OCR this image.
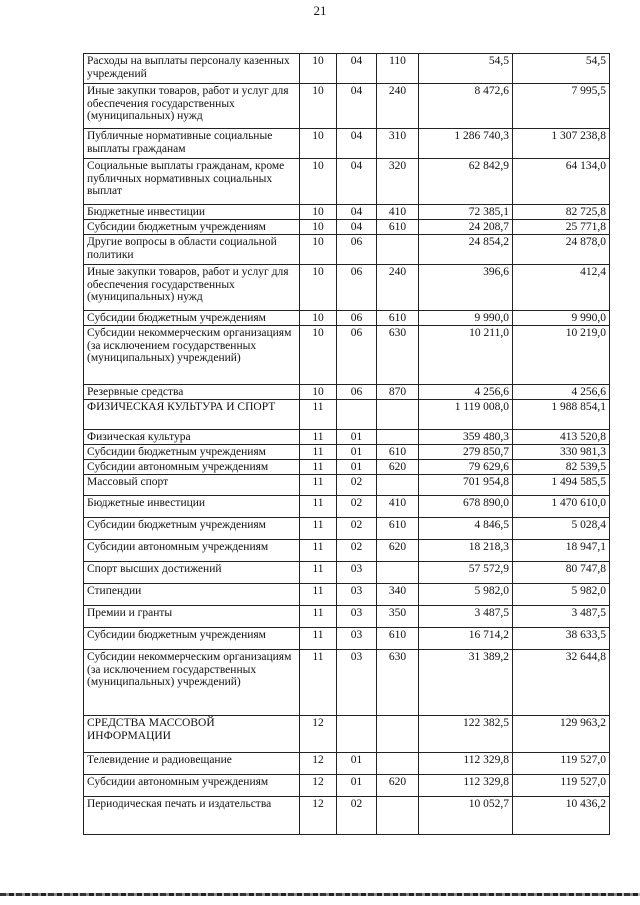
21
Расходы на выплаты персоналу казенных учреждений	10	04	110	54,5	54,5
Иные закупки товаров, работ и услуг для обеспечения государственных (муниципальных) нужд	10	04	240	8 472,6	7 995,5
Публичные нормативные социальные выплаты гражданам	10	04	310	1 286 740,3	1 307 238,8
Социальные выплаты гражданам, кроме публичных нормативных социальных выплат	10	04	320	62 842,9	64 134,0
Бюджетные инвестиции	10	04	410	72 385,1	82 725,8
Субсидии бюджетным учреждениям	10	04	610	24 208,7	25 771,8
Другие вопросы в области социальной политики	10	06		24 854,2	24 878,0
Иные закупки товаров, работ и услуг для обеспечения государственных (муниципальных) нужд	10	06	240	396,6	412,4
Субсидии бюджетным учреждениям	10	06	610	9 990,0	9 990,0
Субсидии некоммерческим организациям (за исключением государственных (муниципальных) учреждений)	10	06	630	10 211,0	10 219,0
Резервные средства	10	06	870	4 256,6	4 256,6
ФИЗИЧЕСКАЯ КУЛЬТУРА И СПОРТ	11			1 119 008,0	1 988 854,1
Физическая культура	11	01		359 480,3	413 520,8
Субсидии бюджетным учреждениям	11	01	610	279 850,7	330 981,3
Субсидии автономным учреждениям	11	01	620	79 629,6	82 539,5
Массовый спорт	11	02		701 954,8	1 494 585,5
Бюджетные инвестиции	11	02	410	678 890,0	1 470 610,0
Субсидии бюджетным учреждениям	11	02	610	4 846,5	5 028,4
Субсидии автономным учреждениям	11	02	620	18 218,3	18 947,1
Спорт высших достижений	11	03		57 572,9	80 747,8
Стипендии	11	03	340	5 982,0	5 982,0
Премии и гранты	11	03	350	3 487,5	3 487,5
Субсидии бюджетным учреждениям	11	03	610	16 714,2	38 633,5
Субсидии некоммерческим организациям (за исключением государственных (муниципальных) учреждений)	11	03	630	31 389,2	32 644,8
СРЕДСТВА МАССОВОЙ ИНФОРМАЦИИ	12			122 382,5	129 963,2
Телевидение и радиовещание	12	01		112 329,8	119 527,0
Субсидии автономным учреждениям	12	01	620	112 329,8	119 527,0
Периодическая печать и издательства	12	02		10 052,7	10 436,2
